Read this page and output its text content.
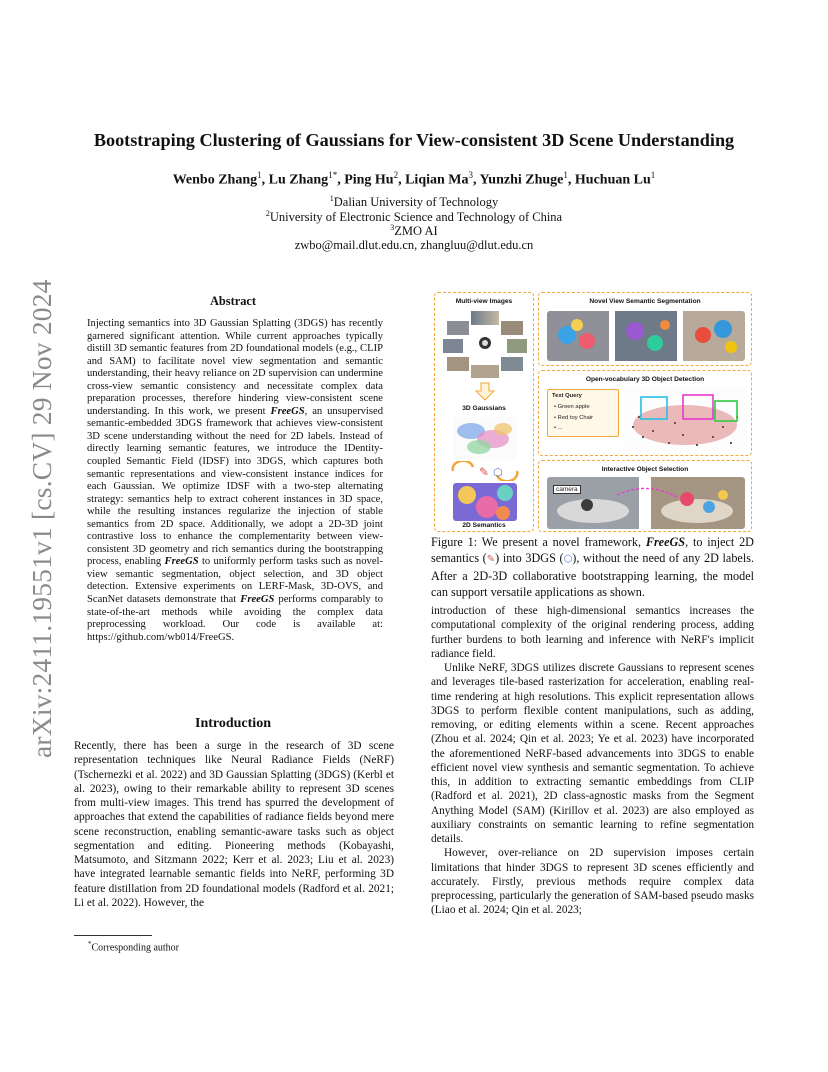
Bootstraping Clustering of Gaussians for View-consistent 3D Scene Understanding
Wenbo Zhang$^1$, Lu Zhang$^{1*}$, Ping Hu$^2$, Liqian Ma$^3$, Yunzhi Zhuge$^1$, Huchuan Lu$^1$
$^1$Dalian University of Technology
$^2$University of Electronic Science and Technology of China
$^3$ZMO AI
zwbo@mail.dlut.edu.cn, zhangluu@dlut.edu.cn
arXiv:2411.19551v1 [cs.CV] 29 Nov 2024	Abstract
Injecting semantics into 3D Gaussian Splatting (3DGS) has recently garnered significant attention. While current approaches typically distill 3D semantic features from 2D foundational models (e.g., CLIP and SAM) to facilitate novel view segmentation and semantic understanding, their heavy reliance on 2D supervision can undermine cross-view semantic consistency and necessitate complex data preparation processes, therefore hindering view-consistent scene understanding. In this work, we present FreeGS, an unsupervised semantic-embedded 3DGS framework that achieves view-consistent 3D scene understanding without the need for 2D labels. Instead of directly learning semantic features, we introduce the IDentity-coupled Semantic Field (IDSF) into 3DGS, which captures both semantic representations and view-consistent instance indices for each Gaussian. We optimize IDSF with a two-step alternating strategy: semantics help to extract coherent instances in 3D space, while the resulting instances regularize the injection of stable semantics from 2D space. Additionally, we adopt a 2D-3D joint contrastive loss to enhance the complementarity between view-consistent 3D geometry and rich semantics during the bootstrapping process, enabling FreeGS to uniformly perform tasks such as novel-view semantic segmentation, object selection, and 3D object detection. Extensive experiments on LERF-Mask, 3D-OVS, and ScanNet datasets demonstrate that FreeGS performs comparably to state-of-the-art methods while avoiding the complex data preprocessing workload. Our code is available at: https://github.com/wb014/FreeGS.
Introduction

Recently, there has been a surge in the research of 3D scene representation techniques like Neural Radiance Fields (NeRF) (Tschernezki et al. 2022) and 3D Gaussian Splatting (3DGS) (Kerbl et al. 2023), owing to their remarkable ability to represent 3D scenes from multi-view images. This trend has spurred the development of approaches that extend the capabilities of radiance fields beyond mere scene reconstruction, enabling semantic-aware tasks such as object segmentation and editing. Pioneering methods (Kobayashi, Matsumoto, and Sitzmann 2022; Kerr et al. 2023; Liu et al. 2023) have integrated learnable semantic fields into NeRF, performing 3D feature distillation from 2D foundational models (Radford et al. 2021; Li et al. 2022). However, the

*Corresponding author
Multi-view Images
3D Gaussians
✎ ⬡
2D Semantics
Novel View Semantic Segmentation
Open-vocabulary 3D Object Detection
Text Query
• Green apple
• Red toy Chair
• ...
Interactive Object Selection
camera
Figure 1: We present a novel framework, FreeGS, to inject 2D semantics (✎) into 3DGS (⬡), without the need of any 2D labels. After a 2D-3D collaborative bootstrapping learning, the model can support versatile applications as shown.

introduction of these high-dimensional semantics increases the computational complexity of the original rendering process, adding further burdens to both learning and inference with NeRF's implicit radiance field.

Unlike NeRF, 3DGS utilizes discrete Gaussians to represent scenes and leverages tile-based rasterization for acceleration, enabling real-time rendering at high resolutions. This explicit representation allows 3DGS to perform flexible content manipulations, such as adding, removing, or editing elements within a scene. Recent approaches (Zhou et al. 2024; Qin et al. 2023; Ye et al. 2023) have incorporated the aforementioned NeRF-based advancements into 3DGS to enable efficient novel view synthesis and semantic segmentation. To achieve this, in addition to extracting semantic embeddings from CLIP (Radford et al. 2021), 2D class-agnostic masks from the Segment Anything Model (SAM) (Kirillov et al. 2023) are also employed as auxiliary constraints on semantic learning to refine segmentation details.

However, over-reliance on 2D supervision imposes certain limitations that hinder 3DGS to represent 3D scenes efficiently and accurately. Firstly, previous methods require complex data preprocessing, particularly the generation of SAM-based pseudo masks (Liao et al. 2024; Qin et al. 2023;
